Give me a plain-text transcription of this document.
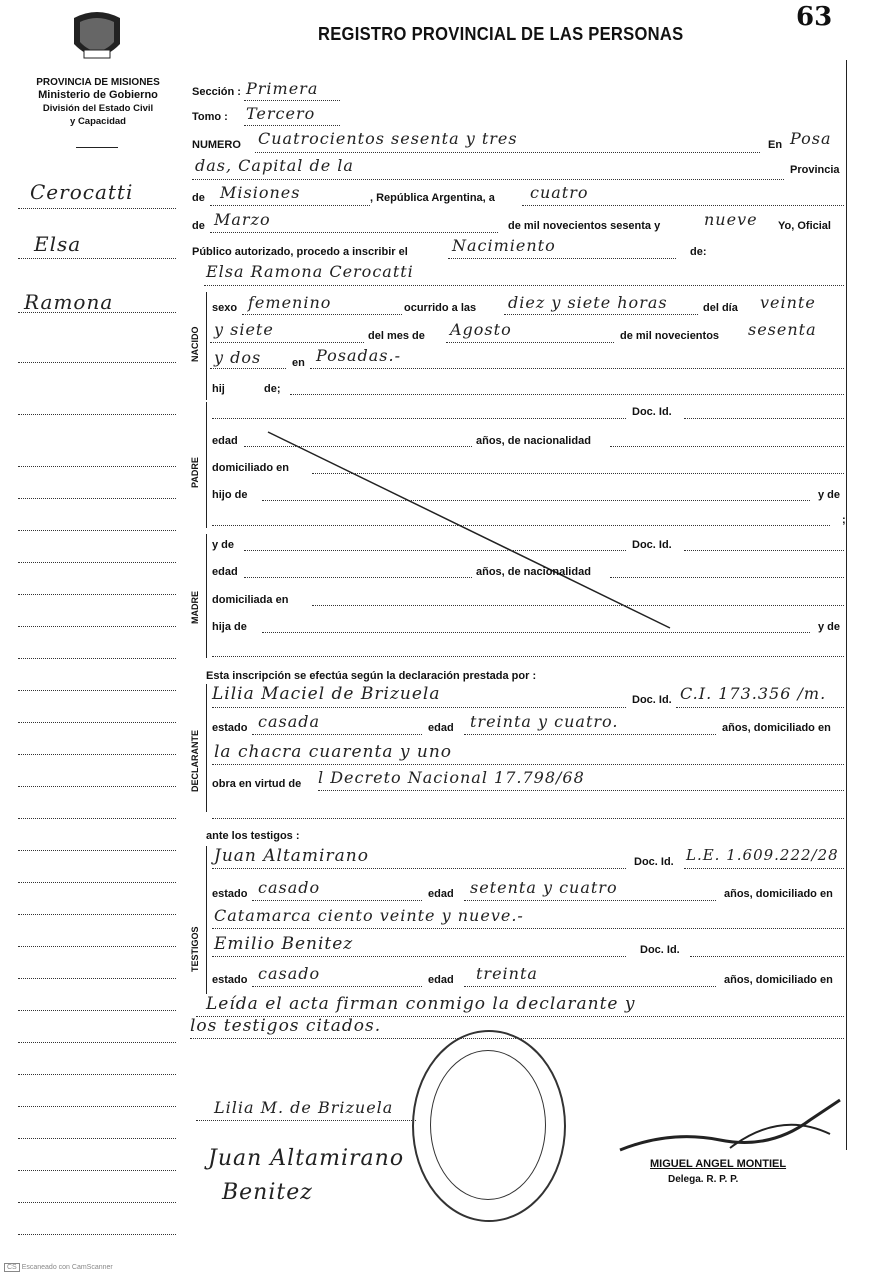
63
PROVINCIA DE MISIONES
Ministerio de Gobierno
División del Estado Civil
y Capacidad
REGISTRO PROVINCIAL DE LAS PERSONAS
Cerocatti
Elsa
Ramona
Sección : Primera
Tomo : Tercero
NUMERO Cuatrocientos sesenta y tres	En Posa
das, Capital de la	Provincia
de Misiones	, República Argentina, a cuatro
de Marzo	de mil novecientos sesenta y	nueve Yo, Oficial
Público autorizado, procedo a inscribir el	Nacimiento	de:
Elsa Ramona Cerocatti
NACIDO
sexo femenino	ocurrido a las diez y siete horas	del día veinte
y siete	del mes de Agosto	de mil novecientos sesenta
y dos	en Posadas.-
hij	de;
PADRE
Doc. Id.
edad	años, de nacionalidad
domiciliado en
hijo de	y de
;
MADRE
y de	Doc. Id.
edad	años, de nacionalidad
domiciliada en
hija de	y de
Esta inscripción se efectúa según la declaración prestada por :
DECLARANTE
Lilia Maciel de Brizuela	Doc. Id. C.I. 173.356 /m.
estado casada	edad treinta y cuatro.	años, domiciliado en
la chacra cuarenta y uno
obra en virtud de l Decreto Nacional 17.798/68
ante los testigos :
TESTIGOS
Juan Altamirano	Doc. Id. L.E. 1.609.222/28
estado casado	edad setenta y cuatro	años, domiciliado en
Catamarca ciento veinte y nueve.-
Emilio Benitez	Doc. Id.
estado casado	edad treinta	años, domiciliado en
Leída el acta firman conmigo la declarante y
los testigos citados.
Lilia M. de Brizuela
Juan Altamirano
Benitez
MIGUEL ANGEL MONTIEL
Delega. R. P. P.
CS Escaneado con CamScanner
